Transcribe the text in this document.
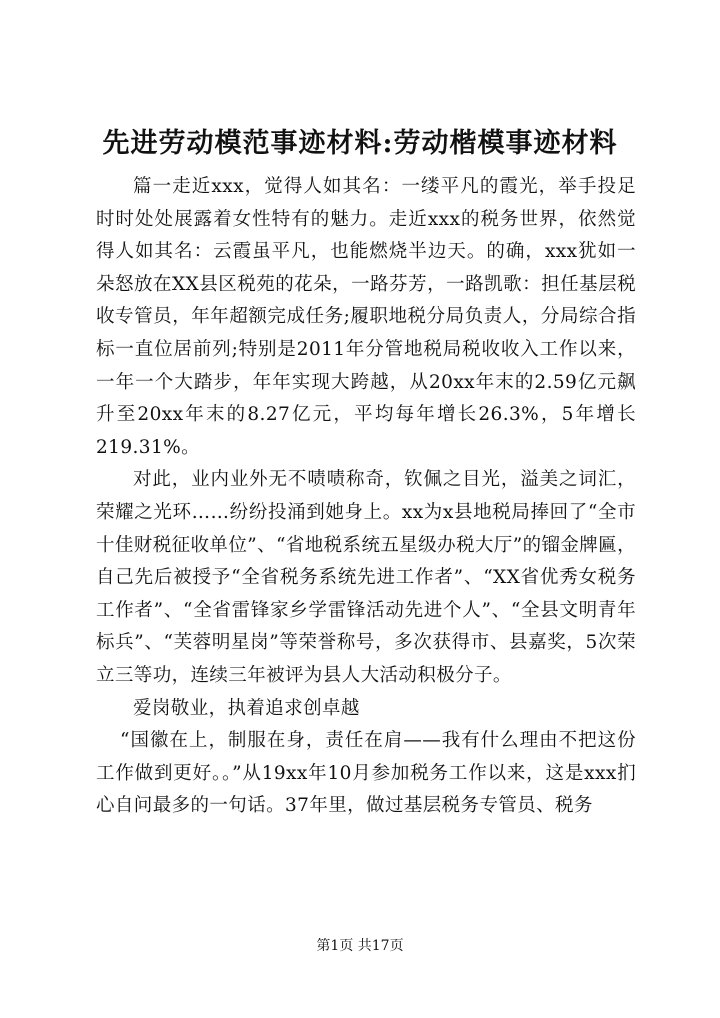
先进劳动模范事迹材料:劳动楷模事迹材料

篇一走近xxx，觉得人如其名：一缕平凡的霞光，举手投足时时处处展露着女性特有的魅力。走近xxx的税务世界，依然觉得人如其名：云霞虽平凡，也能燃烧半边天。的确，xxx犹如一朵怒放在XX县区税苑的花朵，一路芬芳，一路凯歌：担任基层税收专管员，年年超额完成任务;履职地税分局负责人，分局综合指标一直位居前列;特别是2011年分管地税局税收收入工作以来，一年一个大踏步，年年实现大跨越，从20xx年末的2.59亿元飙升至20xx年末的8.27亿元，平均每年增长26.3%，5年增长219.31%。

对此，业内业外无不啧啧称奇，钦佩之目光，溢美之词汇，荣耀之光环……纷纷投涌到她身上。xx为x县地税局捧回了“全市十佳财税征收单位”、“省地税系统五星级办税大厅”的镏金牌匾，自己先后被授予“全省税务系统先进工作者”、“XX省优秀女税务工作者”、“全省雷锋家乡学雷锋活动先进个人”、“全县文明青年标兵”、“芙蓉明星岗”等荣誉称号，多次获得市、县嘉奖，5次荣立三等功，连续三年被评为县人大活动积极分子。

爱岗敬业，执着追求创卓越

“国徽在上，制服在身，责任在肩——我有什么理由不把这份工作做到更好。。”从19xx年10月参加税务工作以来，这是xxx扪心自问最多的一句话。37年里，做过基层税务专管员、税务

第1页 共17页
